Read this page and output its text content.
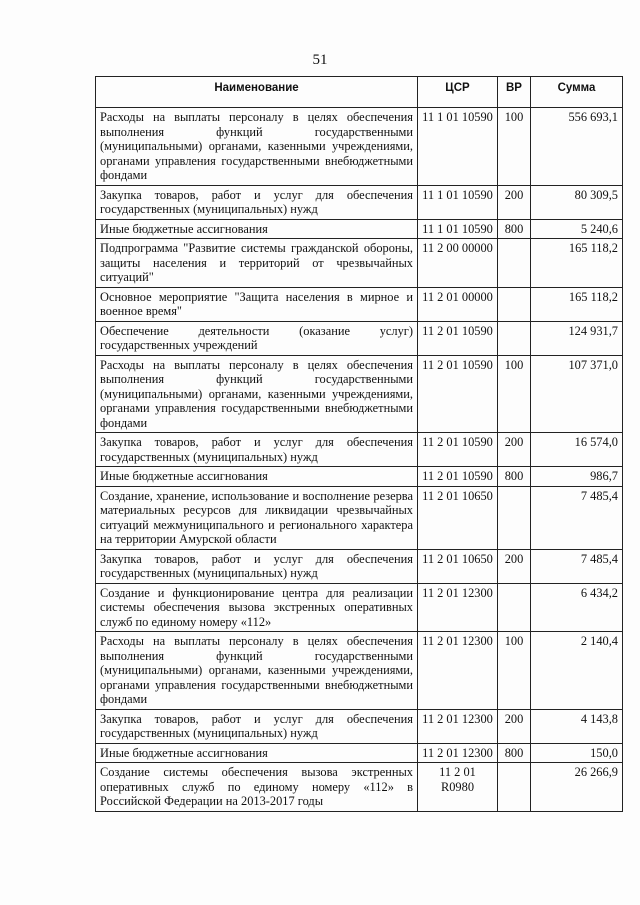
51
Наименование	ЦСР	ВР	Сумма
Расходы на выплаты персоналу в целях обеспечения выполнения функций государственными (муниципальными) органами, казенными учреждениями, органами управления государственными внебюджетными фондами	11 1 01 10590	100	556 693,1
Закупка товаров, работ и услуг для обеспечения государственных (муниципальных) нужд	11 1 01 10590	200	80 309,5
Иные бюджетные ассигнования	11 1 01 10590	800	5 240,6
Подпрограмма "Развитие системы гражданской обороны, защиты населения и территорий от чрезвычайных ситуаций"	11 2 00 00000		165 118,2
Основное мероприятие "Защита населения в мирное и военное время"	11 2 01 00000		165 118,2
Обеспечение деятельности (оказание услуг) государственных учреждений	11 2 01 10590		124 931,7
Расходы на выплаты персоналу в целях обеспечения выполнения функций государственными (муниципальными) органами, казенными учреждениями, органами управления государственными внебюджетными фондами	11 2 01 10590	100	107 371,0
Закупка товаров, работ и услуг для обеспечения государственных (муниципальных) нужд	11 2 01 10590	200	16 574,0
Иные бюджетные ассигнования	11 2 01 10590	800	986,7
Создание, хранение, использование и восполнение резерва материальных ресурсов для ликвидации чрезвычайных ситуаций межмуниципального и регионального характера на территории Амурской области	11 2 01 10650		7 485,4
Закупка товаров, работ и услуг для обеспечения государственных (муниципальных) нужд	11 2 01 10650	200	7 485,4
Создание и функционирование центра для реализации системы обеспечения вызова экстренных оперативных служб по единому номеру «112»	11 2 01 12300		6 434,2
Расходы на выплаты персоналу в целях обеспечения выполнения функций государственными (муниципальными) органами, казенными учреждениями, органами управления государственными внебюджетными фондами	11 2 01 12300	100	2 140,4
Закупка товаров, работ и услуг для обеспечения государственных (муниципальных) нужд	11 2 01 12300	200	4 143,8
Иные бюджетные ассигнования	11 2 01 12300	800	150,0
Создание системы обеспечения вызова экстренных оперативных служб по единому номеру «112» в Российской Федерации на 2013-2017 годы	11 2 01 R0980		26 266,9
